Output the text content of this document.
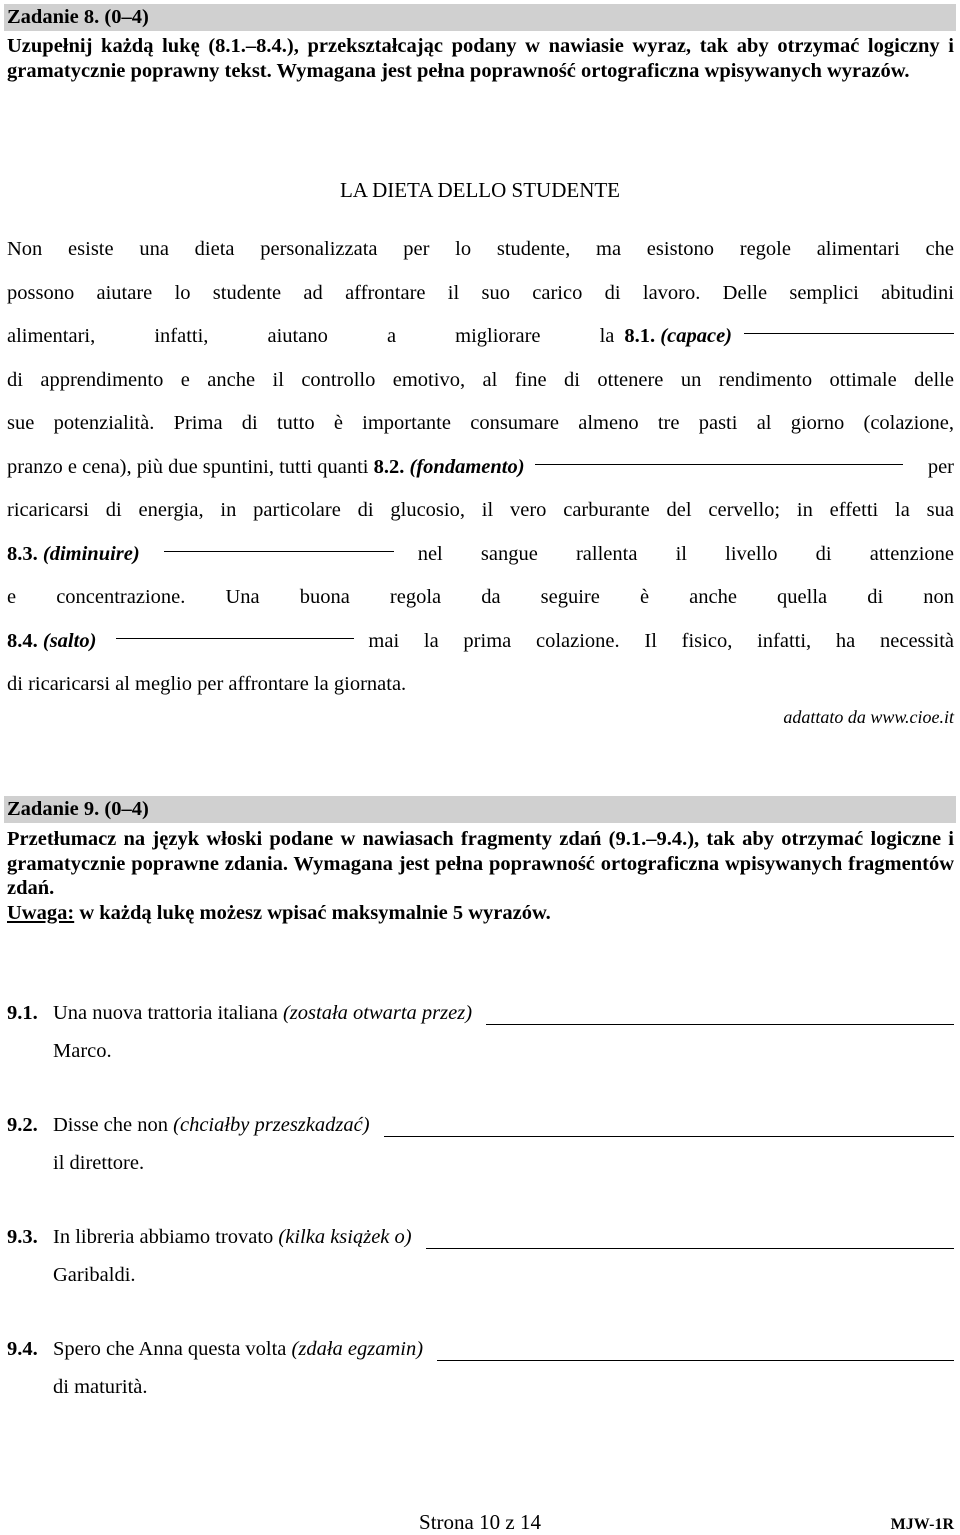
Zadanie 8. (0–4)

Uzupełnij każdą lukę (8.1.–8.4.), przekształcając podany w nawiasie wyraz, tak aby otrzymać logiczny i gramatycznie poprawny tekst. Wymagana jest pełna poprawność ortograficzna wpisywanych wyrazów.

LA DIETA DELLO STUDENTE
Non esiste una dieta personalizzata per lo studente, ma esistono regole alimentari che
possono aiutare lo studente ad affrontare il suo carico di lavoro. Delle semplici abitudini
alimentari, infatti, aiutano a migliorare la 8.1.
(capace)
di apprendimento e anche il controllo emotivo, al fine di ottenere un rendimento ottimale delle
sue potenzialità. Prima di tutto è importante consumare almeno tre pasti al giorno (colazione,
pranzo e cena), più due spuntini, tutti quanti
8.2.
(fondamento)	per
ricaricarsi di energia, in particolare di glucosio, il vero carburante del cervello; in effetti la sua
8.3.
(diminuire)	nel sangue rallenta il livello di attenzione
e concentrazione. Una buona regola da seguire è anche quella di non
8.4.
(salto)	mai la prima colazione. Il fisico, infatti, ha necessità
di ricaricarsi al meglio per affrontare la giornata.
adattato da www.cioe.it
Zadanie 9. (0–4)

Przetłumacz na język włoski podane w nawiasach fragmenty zdań (9.1.–9.4.), tak aby otrzymać logiczne i gramatycznie poprawne zdania. Wymagana jest pełna poprawność ortograficzna wpisywanych fragmentów zdań.

Uwaga: w każdą lukę możesz wpisać maksymalnie 5 wyrazów.

9.1. Una nuova trattoria italiana
(została otwarta przez)
Marco.
9.2. Disse che non
(chciałby przeszkadzać)
il direttore.
9.3. In libreria abbiamo trovato
(kilka książek o)
Garibaldi.
9.4. Spero che Anna questa volta
(zdała egzamin)
di maturità.
Strona 10 z 14	MJW-1R
